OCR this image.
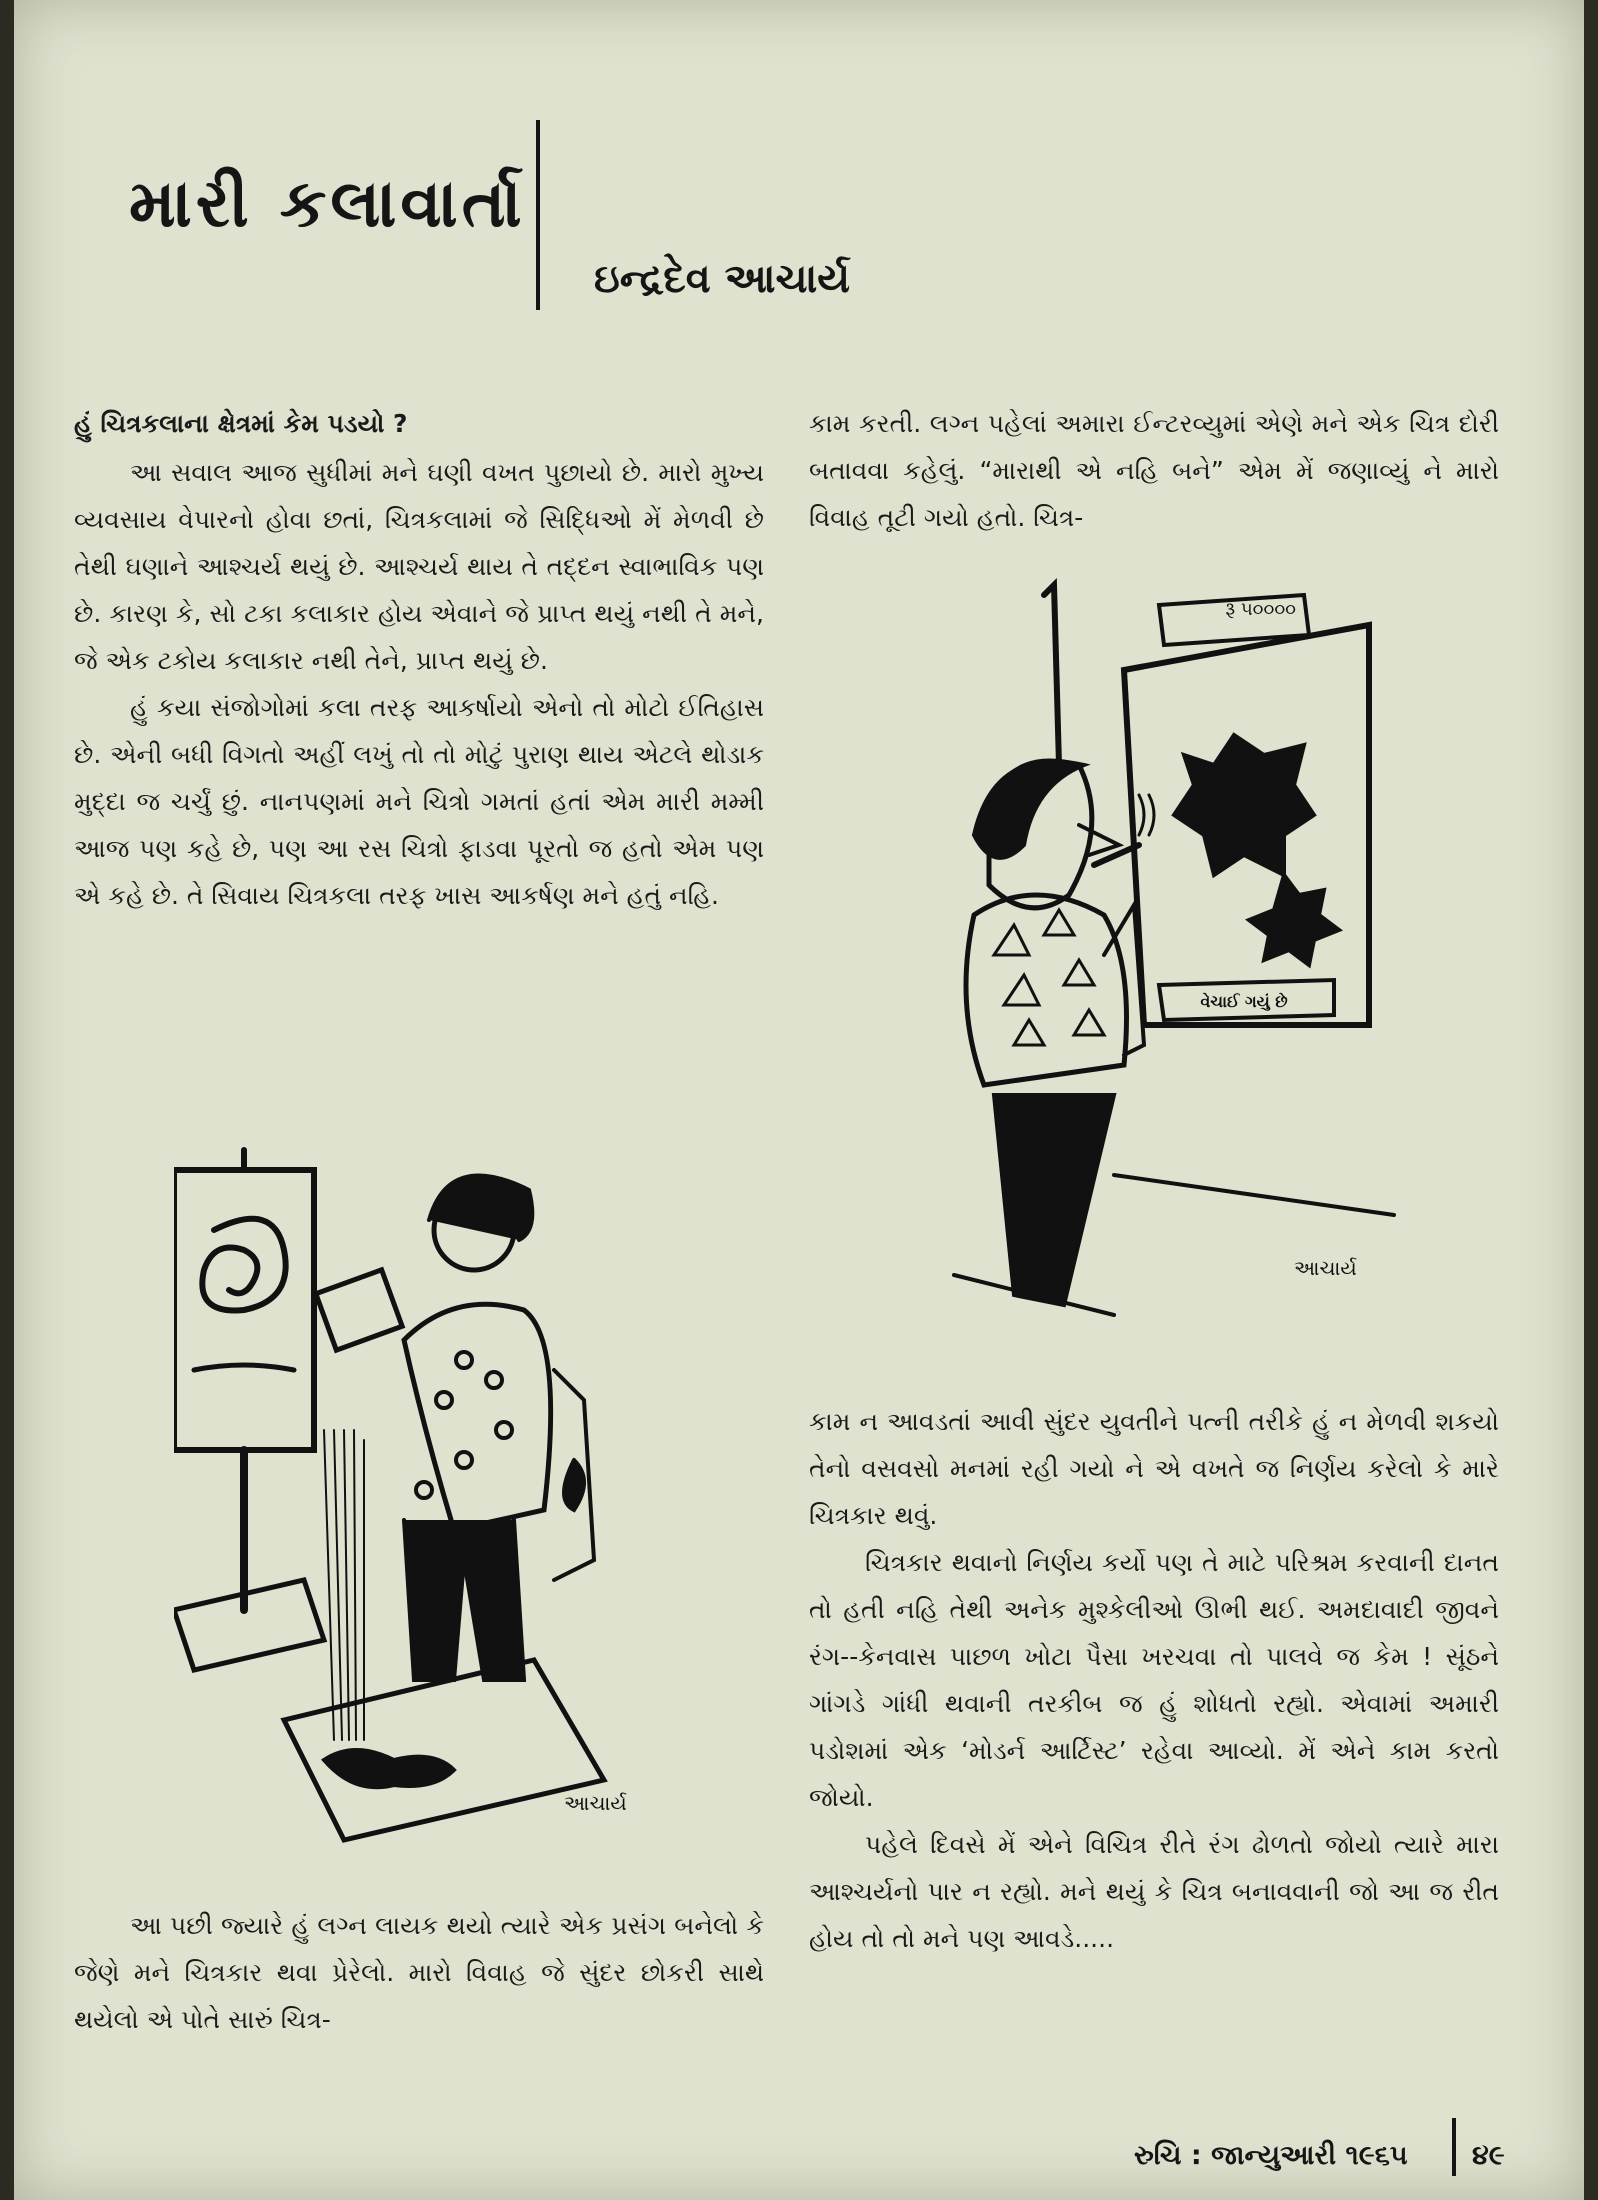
મારી કલાવાર્તા
ઇન્દ્રદેવ આચાર્ય

હું ચિત્રકલાના ક્ષેત્રમાં કેમ પડયો ?

આ સવાલ આજ સુધીમાં મને ઘણી વખત પુછાયો છે. મારો મુખ્ય વ્યવસાય વેપારનો હોવા છતાં, ચિત્રકલામાં જે સિદ્ધિઓ મેં મેળવી છે તેથી ઘણાને આશ્ચર્ય થયું છે. આશ્ચર્ય થાય તે તદ્દન સ્વાભાવિક પણ છે. કારણ કે, સો ટકા કલાકાર હોય એવાને જે પ્રાપ્ત થયું નથી તે મને, જે એક ટકોય કલાકાર નથી તેને, પ્રાપ્ત થયું છે.

હું કયા સંજોગોમાં કલા તરફ આકર્ષાયો એનો તો મોટો ઈતિહાસ છે. એની બધી વિગતો અહીં લખું તો તો મોટું પુરાણ થાય એટલે થોડાક મુદ્દા જ ચર્ચું છું. નાનપણમાં મને ચિત્રો ગમતાં હતાં એમ મારી મમ્મી આજ પણ કહે છે, પણ આ રસ ચિત્રો ફાડવા પૂરતો જ હતો એમ પણ એ કહે છે. તે સિવાય ચિત્રકલા તરફ ખાસ આકર્ષણ મને હતું નહિ.

આચાર્ય

આ પછી જ્યારે હું લગ્ન લાયક થયો ત્યારે એક પ્રસંગ બનેલો કે જેણે મને ચિત્રકાર થવા પ્રેરેલો. મારો વિવાહ જે સુંદર છોકરી સાથે થયેલો એ પોતે સારું ચિત્ર-

કામ કરતી. લગ્ન પહેલાં અમારા ઈન્ટરવ્યુમાં એણે મને એક ચિત્ર દોરી બતાવવા કહેલું. “મારાથી એ નહિ બને” એમ મેં જણાવ્યું ને મારો વિવાહ તૂટી ગયો હતો. ચિત્ર-

રૂ ૫૦૦૦૦
વેચાઈ ગયું છે
આચાર્ય

કામ ન આવડતાં આવી સુંદર યુવતીને પત્ની તરીકે હું ન મેળવી શકયો તેનો વસવસો મનમાં રહી ગયો ને એ વખતે જ નિર્ણય કરેલો કે મારે ચિત્રકાર થવું.

ચિત્રકાર થવાનો નિર્ણય કર્યો પણ તે માટે પરિશ્રમ કરવાની દાનત તો હતી નહિ તેથી અનેક મુશ્કેલીઓ ઊભી થઈ. અમદાવાદી જીવને રંગ--કેનવાસ પાછળ ખોટા પૈસા ખરચવા તો પાલવે જ કેમ ! સૂંઠને ગાંગડે ગાંધી થવાની તરકીબ જ હું શોધતો રહ્યો. એવામાં અમારી પડોશમાં એક ‘મોડર્ન આર્ટિસ્ટ’ રહેવા આવ્યો. મેં એને કામ કરતો જોયો.

પહેલે દિવસે મેં એને વિચિત્ર રીતે રંગ ઢોળતો જોયો ત્યારે મારા આશ્ચર્યનો પાર ન રહ્યો. મને થયું કે ચિત્ર બનાવવાની જો આ જ રીત હોય તો તો મને પણ આવડે.....

રુચિ : જાન્યુઆરી ૧૯૬૫ ૪૯
